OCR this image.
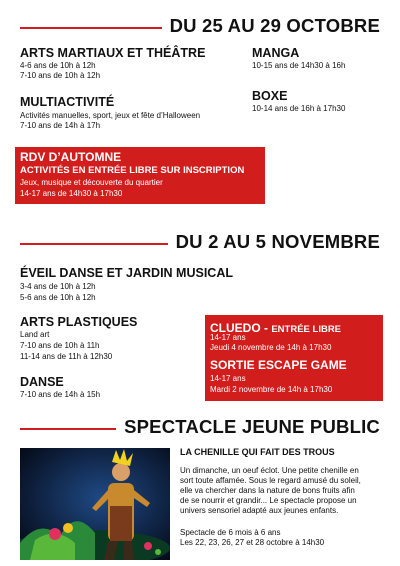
DU 25 AU 29 OCTOBRE
ARTS MARTIAUX ET THÉÂTRE
4-6 ans de 10h à 12h
7-10 ans de 10h à 12h
MANGA
10-15 ans de 14h30 à 16h
MULTIACTIVITÉ
Activités manuelles, sport, jeux et fête d’Halloween
7-10 ans de 14h à 17h
BOXE
10-14 ans de 16h à 17h30
RDV D’AUTOMNE
ACTIVITÉS EN ENTRÉE LIBRE SUR INSCRIPTION
Jeux, musique et découverte du quartier
14-17 ans de 14h30 à 17h30
DU 2 AU 5 NOVEMBRE
ÉVEIL DANSE ET JARDIN MUSICAL
3-4 ans de 10h à 12h
5-6 ans de 10h à 12h
ARTS PLASTIQUES
Land art
7-10 ans de 10h à 11h
11-14 ans de 11h à 12h30
DANSE
7-10 ans de 14h à 15h
CLUEDO - ENTRÉE LIBRE
14-17 ans
Jeudi 4 novembre de 14h à 17h30
SORTIE ESCAPE GAME
14-17 ans
Mardi 2 novembre de 14h à 17h30
SPECTACLE JEUNE PUBLIC
LA CHENILLE QUI FAIT DES TROUS
Un dimanche, un oeuf éclot. Une petite chenille en
sort toute affamée. Sous le regard amusé du soleil,
elle va chercher dans la nature de bons fruits afin
de se nourrir et grandir... Le spectacle propose un
univers sensoriel adapté aux jeunes enfants.
Spectacle de 6 mois à 6 ans
Les 22, 23, 26, 27 et 28 octobre à 14h30
